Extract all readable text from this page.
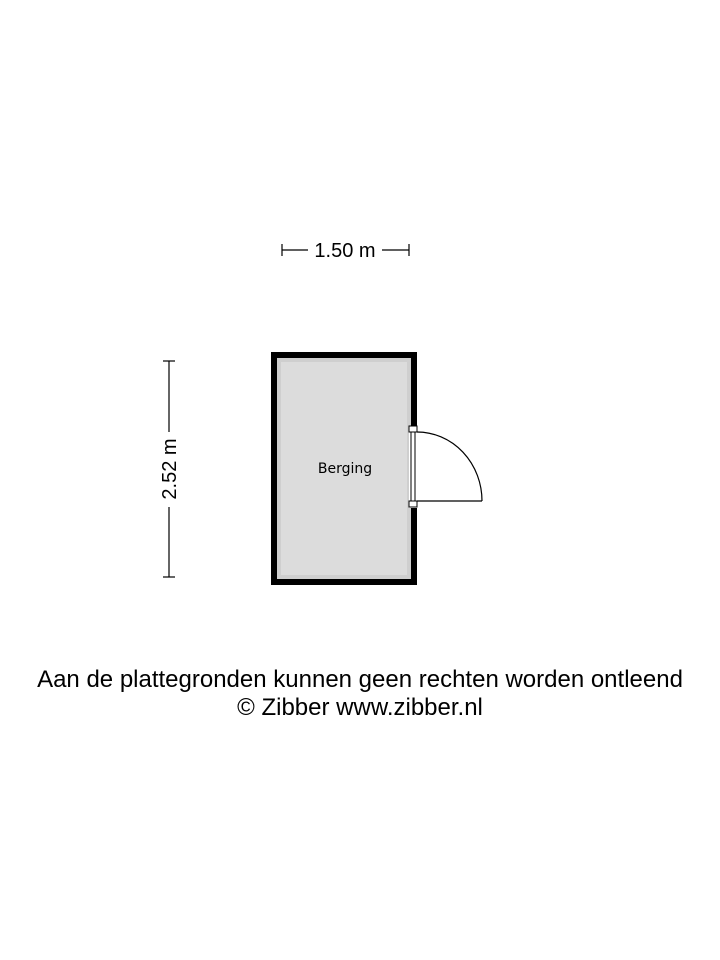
1.50 m
2.52 m	Berging
Aan de plattegronden kunnen geen rechten worden ontleend
© Zibber www.zibber.nl
